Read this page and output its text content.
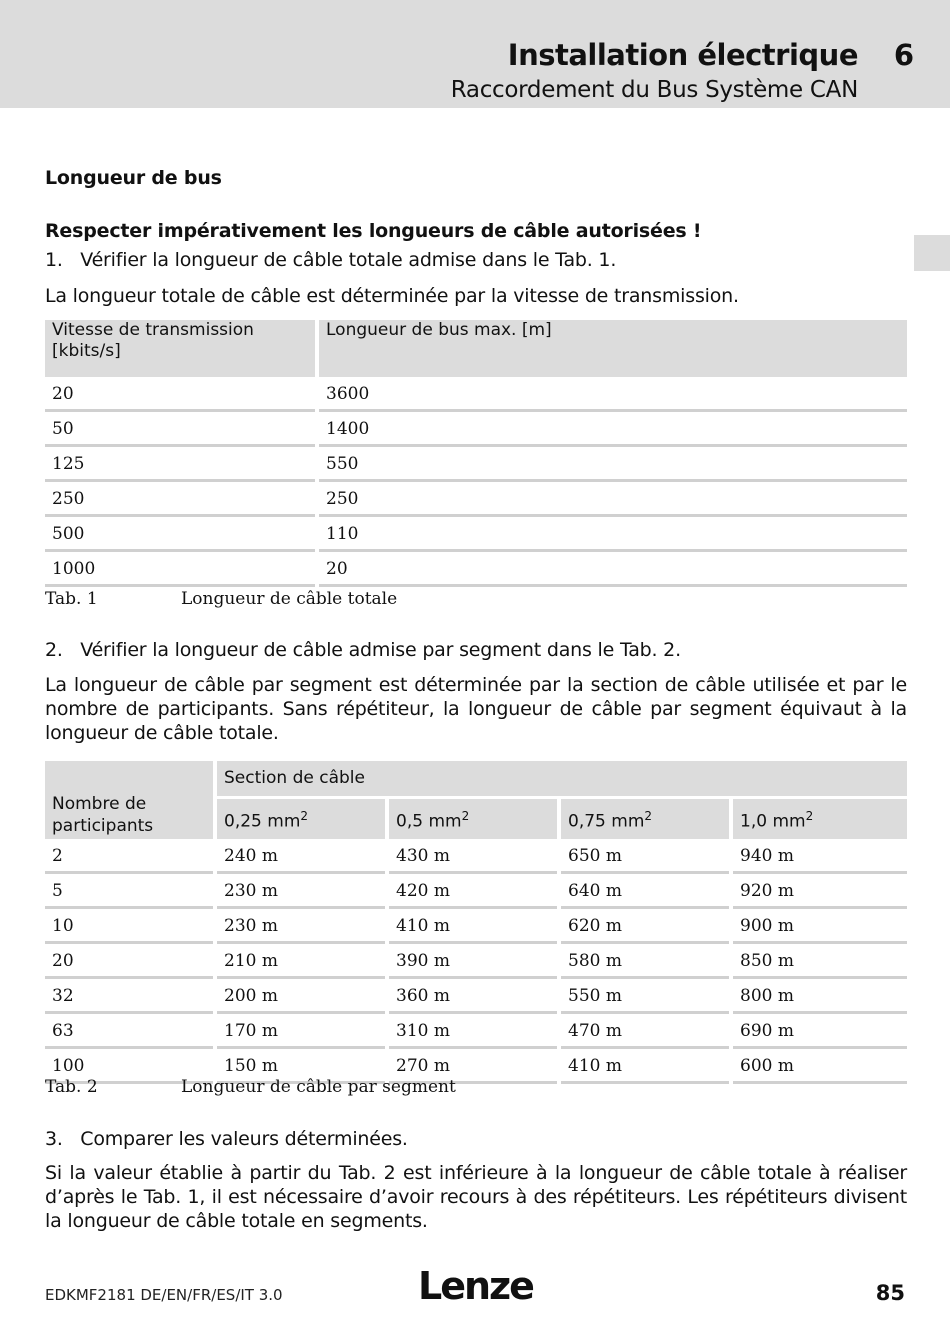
Installation électrique 6
Raccordement du Bus Système CAN
Longueur de bus
Respecter impérativement les longueurs de câble autorisées !
1.   Vérifier la longueur de câble totale admise dans le Tab. 1.
La longueur totale de câble est déterminée par la vitesse de transmission.
Vitesse de transmission [kbits/s]	Longueur de bus max. [m]
20	3600
50	1400
125	550
250	250
500	110
1000	20
Tab. 1	Longueur de câble totale
2.   Vérifier la longueur de câble admise par segment dans le Tab. 2.
La longueur de câble par segment est déterminée par la section de câble utilisée et par le nombre de participants. Sans répétiteur, la longueur de câble par segment équivaut à la longueur de câble totale.
Nombre de participants	Section de câble			
	0,25 $mm^2$	0,5 $mm^2$	0,75 $mm^2$	1,0 $mm^2$
2	240 m	430 m	650 m	940 m
5	230 m	420 m	640 m	920 m
10	230 m	410 m	620 m	900 m
20	210 m	390 m	580 m	850 m
32	200 m	360 m	550 m	800 m
63	170 m	310 m	470 m	690 m
100	150 m	270 m	410 m	600 m
Tab. 2	Longueur de câble par segment
3.   Comparer les valeurs déterminées.
Si la valeur établie à partir du Tab. 2 est inférieure à la longueur de câble totale à réaliser d’après le Tab. 1, il est nécessaire d’avoir recours à des répétiteurs. Les répétiteurs divisent la longueur de câble totale en segments.
EDKMF2181 DE/EN/FR/ES/IT 3.0	Lenze	85
